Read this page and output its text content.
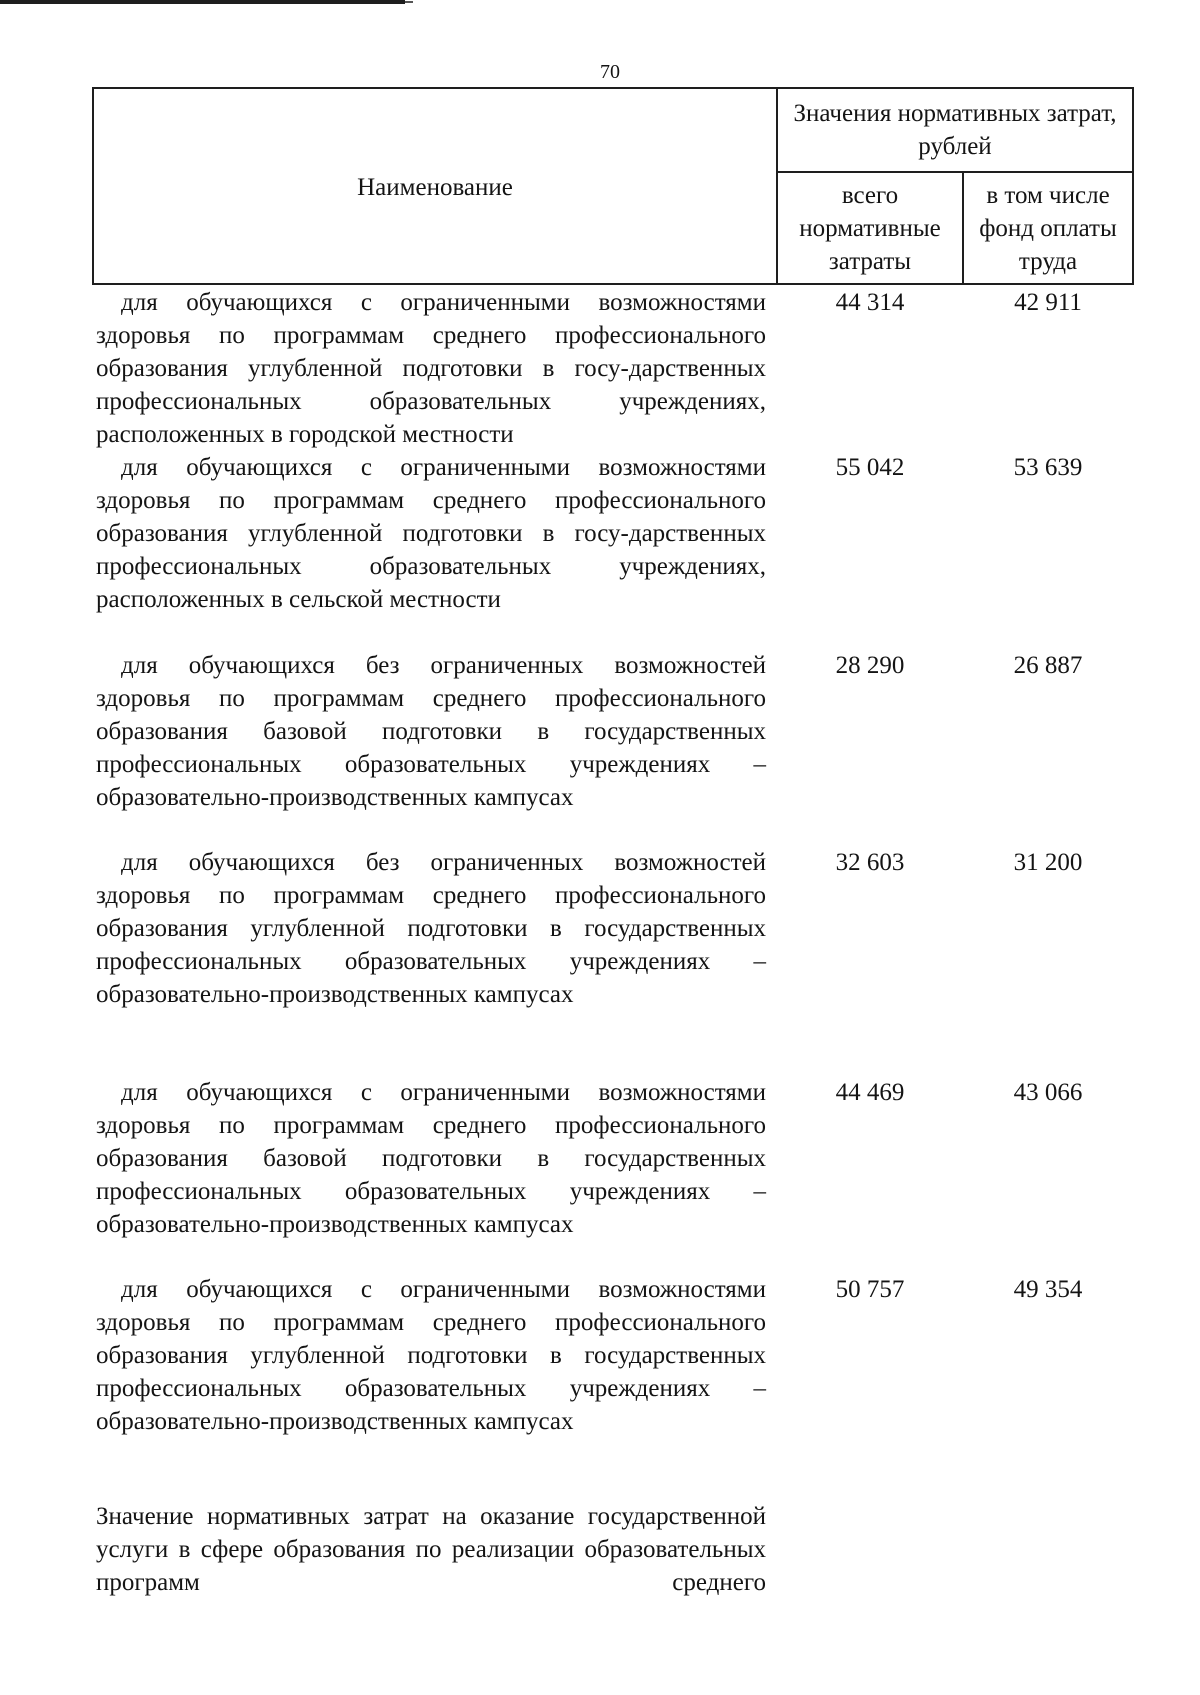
70
Наименование
Значения нормативных затрат, рублей
всего нормативные затраты
в том числе фонд оплаты труда
для обучающихся с ограниченными возможностями здоровья по программам среднего профессионального образования углубленной подготовки в госу-дарственных профессиональных образовательных учреждениях, расположенных в городской местности
44 314	42 911
для обучающихся с ограниченными возможностями здоровья по программам среднего профессионального образования углубленной подготовки в госу-дарственных профессиональных образовательных учреждениях, расположенных в сельской местности
55 042	53 639
для обучающихся без ограниченных возможностей здоровья по программам среднего профессионального образования базовой подготовки в государственных профессиональных образовательных учреждениях – образовательно-производственных кампусах
28 290	26 887
для обучающихся без ограниченных возможностей здоровья по программам среднего профессионального образования углубленной подготовки в государственных профессиональных образовательных учреждениях – образовательно-производственных кампусах
32 603	31 200
для обучающихся с ограниченными возможностями здоровья по программам среднего профессионального образования базовой подготовки в государственных профессиональных образовательных учреждениях – образовательно-производственных кампусах
44 469	43 066
для обучающихся с ограниченными возможностями здоровья по программам среднего профессионального образования углубленной подготовки в государственных профессиональных образовательных учреждениях – образовательно-производственных кампусах
50 757	49 354
Значение нормативных затрат на оказание государственной услуги в сфере образования по реализации образовательных программ среднего
